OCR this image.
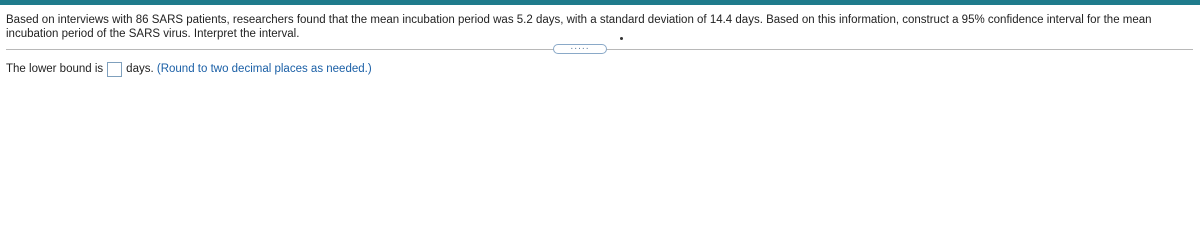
Based on interviews with 86 SARS patients, researchers found that the mean incubation period was 5.2 days, with a standard deviation of 14.4 days. Based on this information, construct a 95% confidence interval for the mean incubation period of the SARS virus. Interpret the interval.
.....
The lower bound is days.
(Round to two decimal places as needed.)
